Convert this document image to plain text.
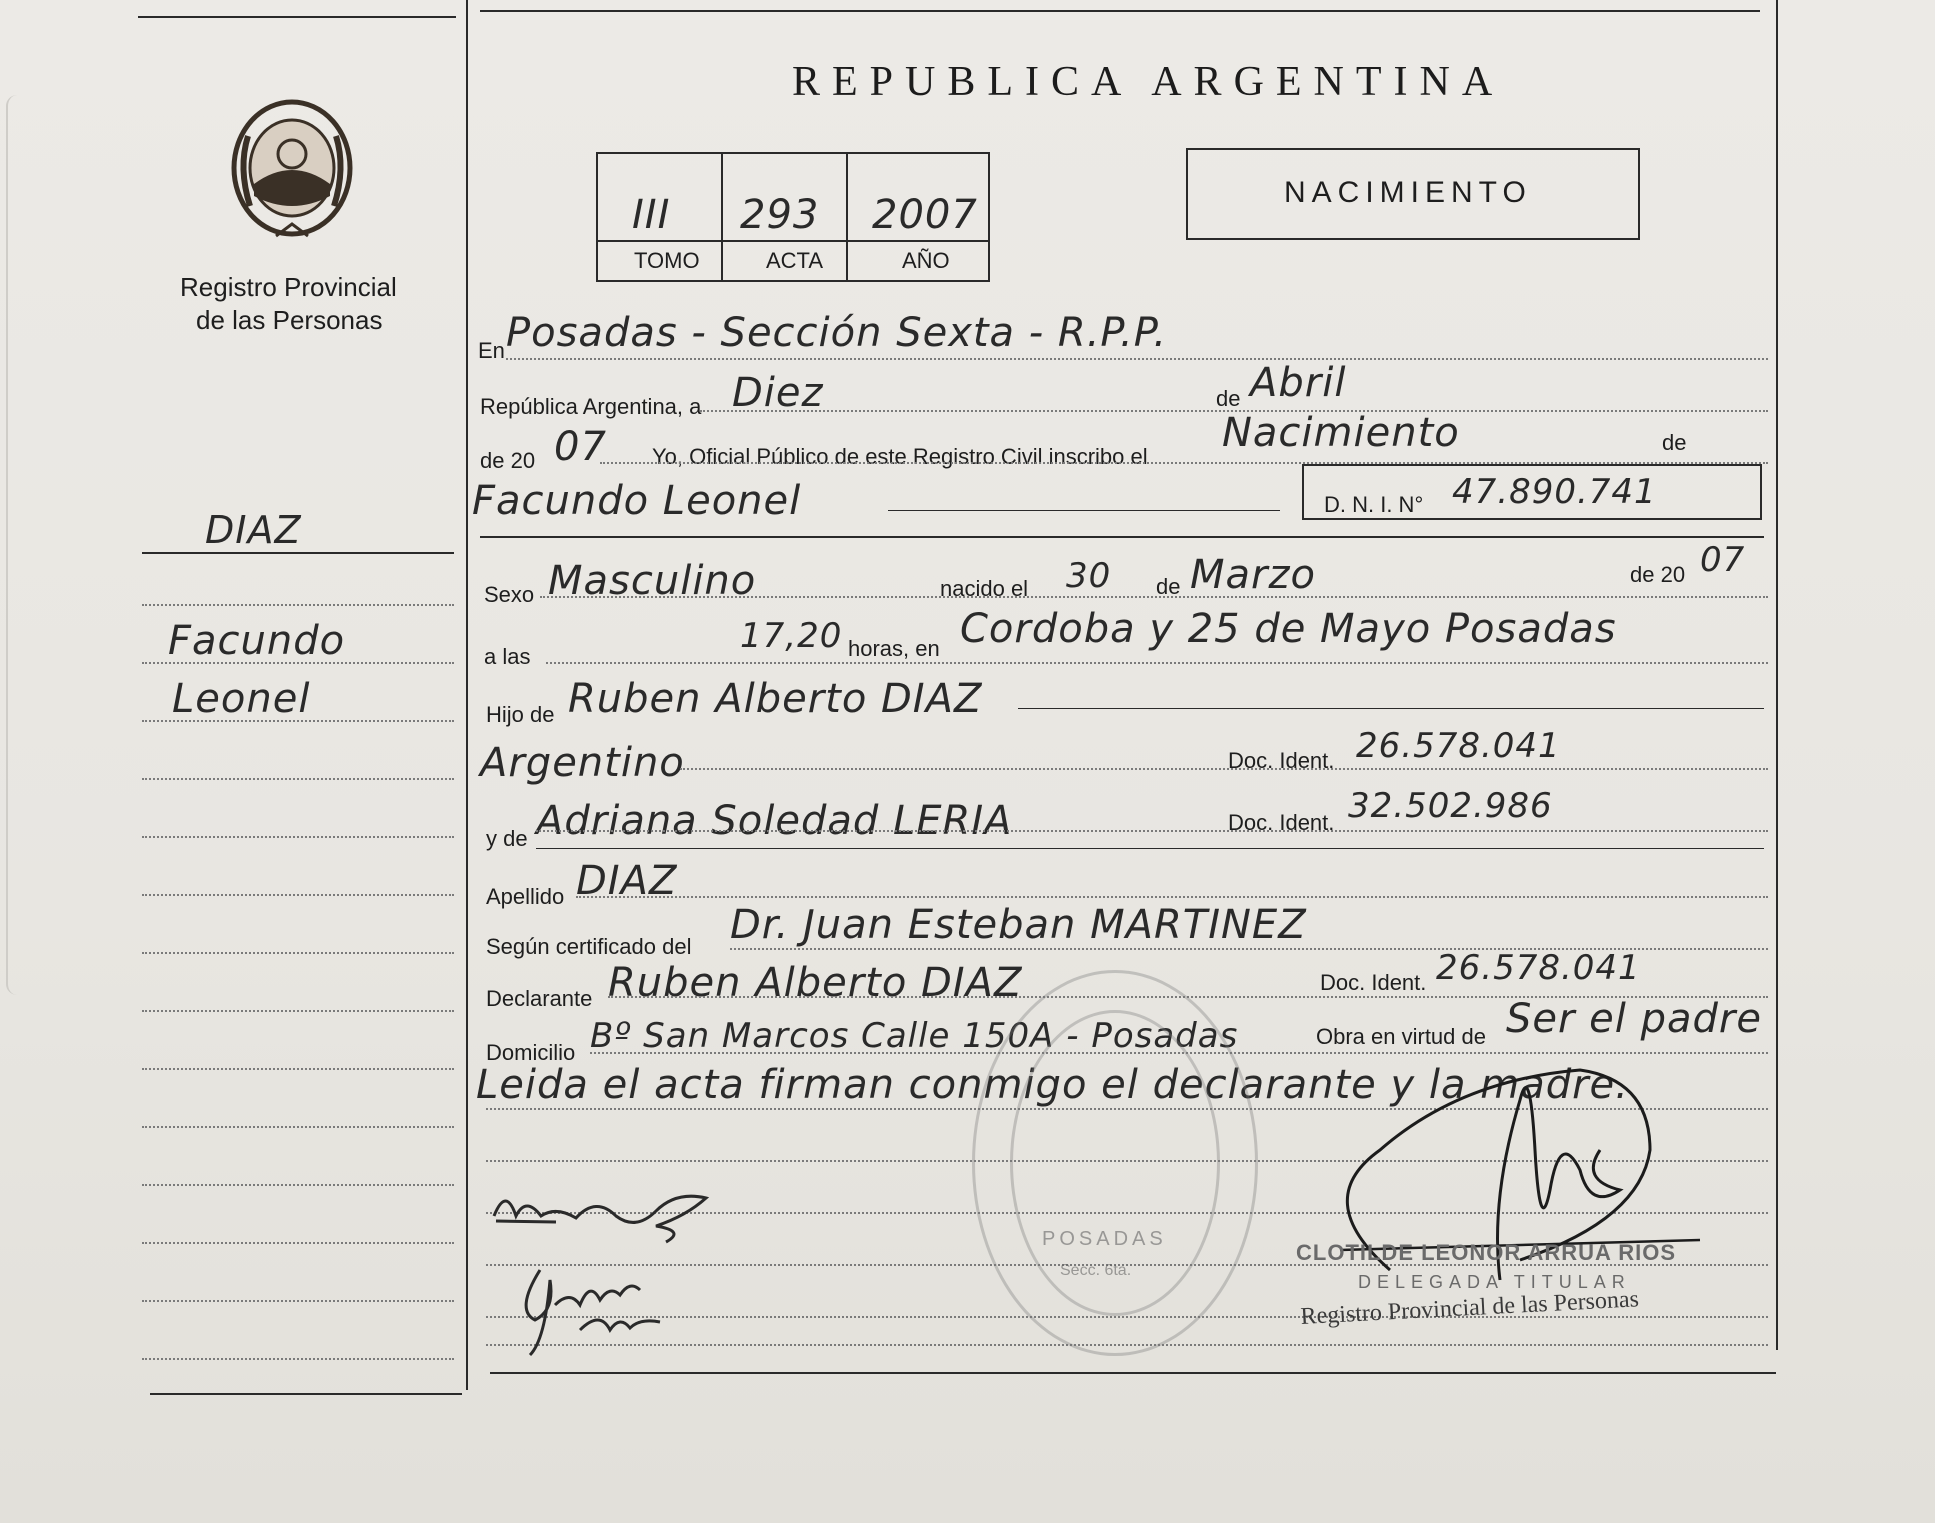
Registro Provincial
de las Personas
DIAZ
Facundo
Leonel
REPUBLICA ARGENTINA
III 293 2007
TOMO	ACTA	AÑO
NACIMIENTO
En Posadas - Sección Sexta - R.P.P.
República Argentina, a Diez	de Abril
de 20 07 Yo, Oficial Público de este Registro Civil inscribo el
Nacimiento	de
Facundo Leonel	D. N. I. N° 47.890.741
Sexo Masculino	nacido el 30 de Marzo	de 20 07
a las
17,20 horas, en Cordoba y 25 de Mayo Posadas
Hijo de Ruben Alberto DIAZ
Argentino	Doc. Ident. 26.578.041
y de Adriana Soledad LERIA	Doc. Ident. 32.502.986
Apellido DIAZ
Según certificado del Dr. Juan Esteban MARTINEZ
Declarante Ruben Alberto DIAZ	Doc. Ident. 26.578.041
Domicilio Bº San Marcos Calle 150A - Posadas	Obra en virtud de Ser el padre
Leida el acta firman conmigo el declarante y la madre.
POSADAS
Secc. 6ta.
CLOTILDE LEONOR ARRUA RIOS
DELEGADA TITULAR
Registro Provincial de las Personas
